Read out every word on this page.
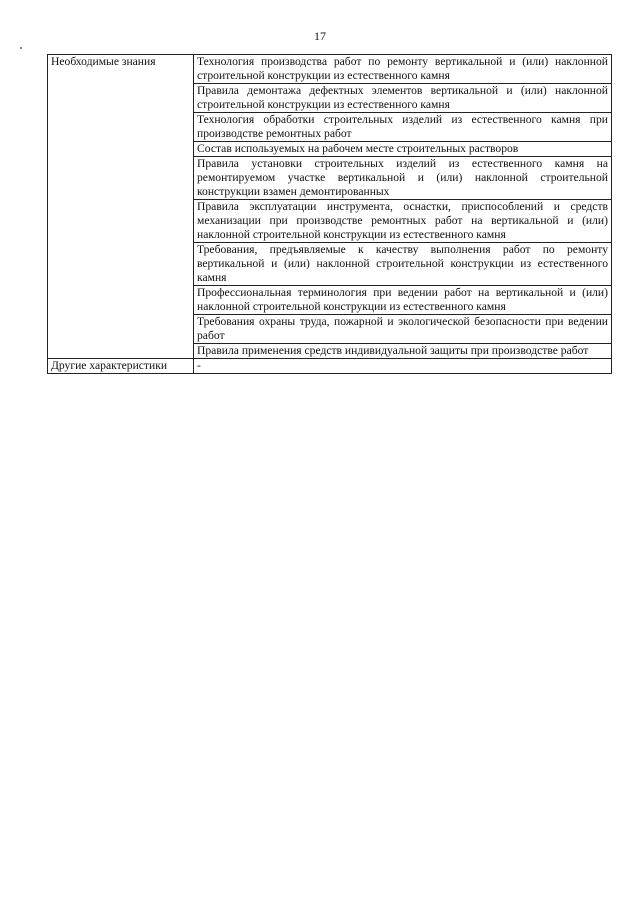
17
Необходимые знания	Технология производства работ по ремонту вертикальной и (или) наклонной строительной конструкции из естественного камня
	Правила демонтажа дефектных элементов вертикальной и (или) наклонной строительной конструкции из естественного камня
	Технология обработки строительных изделий из естественного камня при производстве ремонтных работ
	Состав используемых на рабочем месте строительных растворов
	Правила установки строительных изделий из естественного камня на ремонтируемом участке вертикальной и (или) наклонной строительной конструкции взамен демонтированных
	Правила эксплуатации инструмента, оснастки, приспособлений и средств механизации при производстве ремонтных работ на вертикальной и (или) наклонной строительной конструкции из естественного камня
	Требования, предъявляемые к качеству выполнения работ по ремонту вертикальной и (или) наклонной строительной конструкции из естественного камня
	Профессиональная терминология при ведении работ на вертикальной и (или) наклонной строительной конструкции из естественного камня
	Требования охраны труда, пожарной и экологической безопасности при ведении работ
	Правила применения средств индивидуальной защиты при производстве работ
Другие характеристики	-
